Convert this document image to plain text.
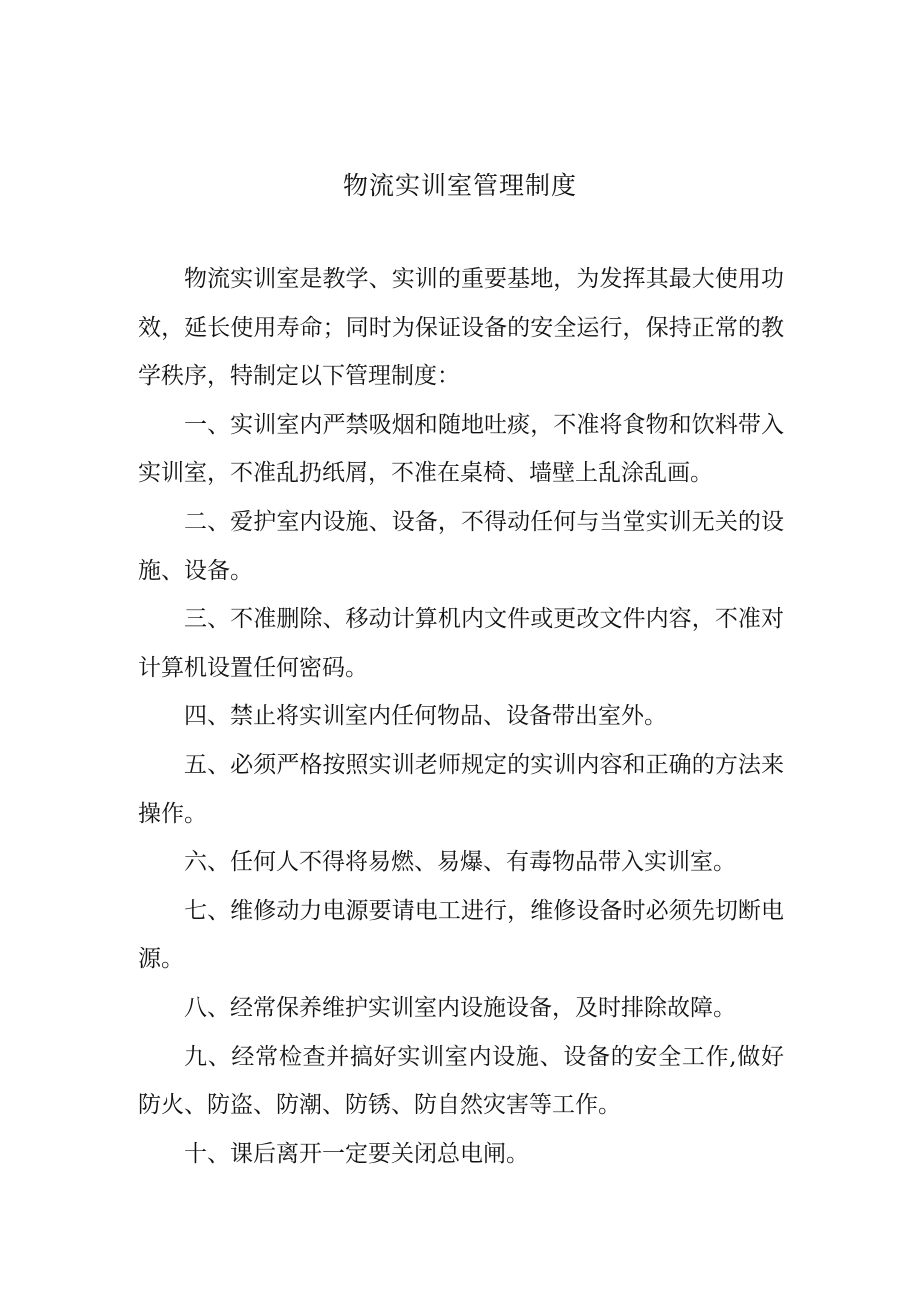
物流实训室管理制度

物流实训室是教学、实训的重要基地，为发挥其最大使用功效，延长使用寿命；同时为保证设备的安全运行，保持正常的教学秩序，特制定以下管理制度：

一、实训室内严禁吸烟和随地吐痰，不准将食物和饮料带入实训室，不准乱扔纸屑，不准在桌椅、墙壁上乱涂乱画。

二、爱护室内设施、设备，不得动任何与当堂实训无关的设施、设备。

三、不准删除、移动计算机内文件或更改文件内容，不准对计算机设置任何密码。

四、禁止将实训室内任何物品、设备带出室外。

五、必须严格按照实训老师规定的实训内容和正确的方法来操作。

六、任何人不得将易燃、易爆、有毒物品带入实训室。

七、维修动力电源要请电工进行，维修设备时必须先切断电源。

八、经常保养维护实训室内设施设备，及时排除故障。

九、经常检查并搞好实训室内设施、设备的安全工作,做好防火、防盗、防潮、防锈、防自然灾害等工作。

十、课后离开一定要关闭总电闸。
